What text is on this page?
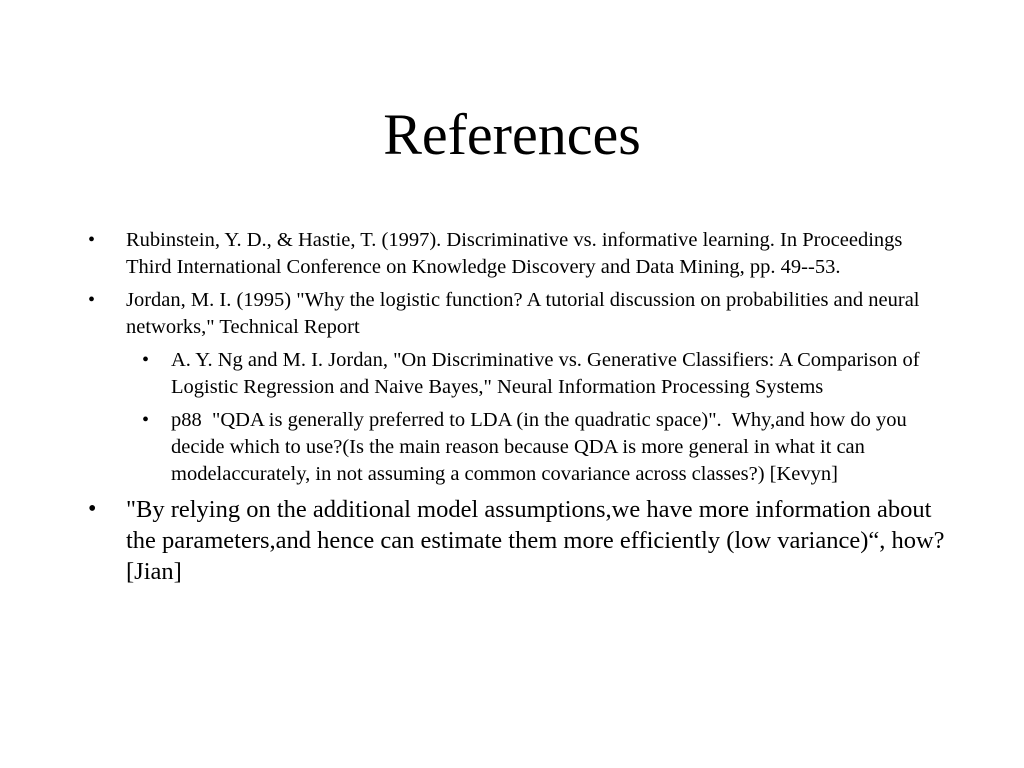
References
• Rubinstein, Y. D., & Hastie, T. (1997). Discriminative vs. informative learning. In Proceedings Third International Conference on Knowledge Discovery and Data Mining, pp. 49--53.
• Jordan, M. I. (1995) "Why the logistic function? A tutorial discussion on probabilities and neural networks," Technical Report
• A. Y. Ng and M. I. Jordan, "On Discriminative vs. Generative Classifiers: A Comparison of Logistic Regression and Naive Bayes," Neural Information Processing Systems
• p88  "QDA is generally preferred to LDA (in the quadratic space)".  Why,and how do you decide which to use?(Is the main reason because QDA is more general in what it can modelaccurately, in not assuming a common covariance across classes?) [Kevyn]
• "By relying on the additional model assumptions,we have more information about the parameters,and hence can estimate them more efficiently (low variance)“, how? [Jian]
